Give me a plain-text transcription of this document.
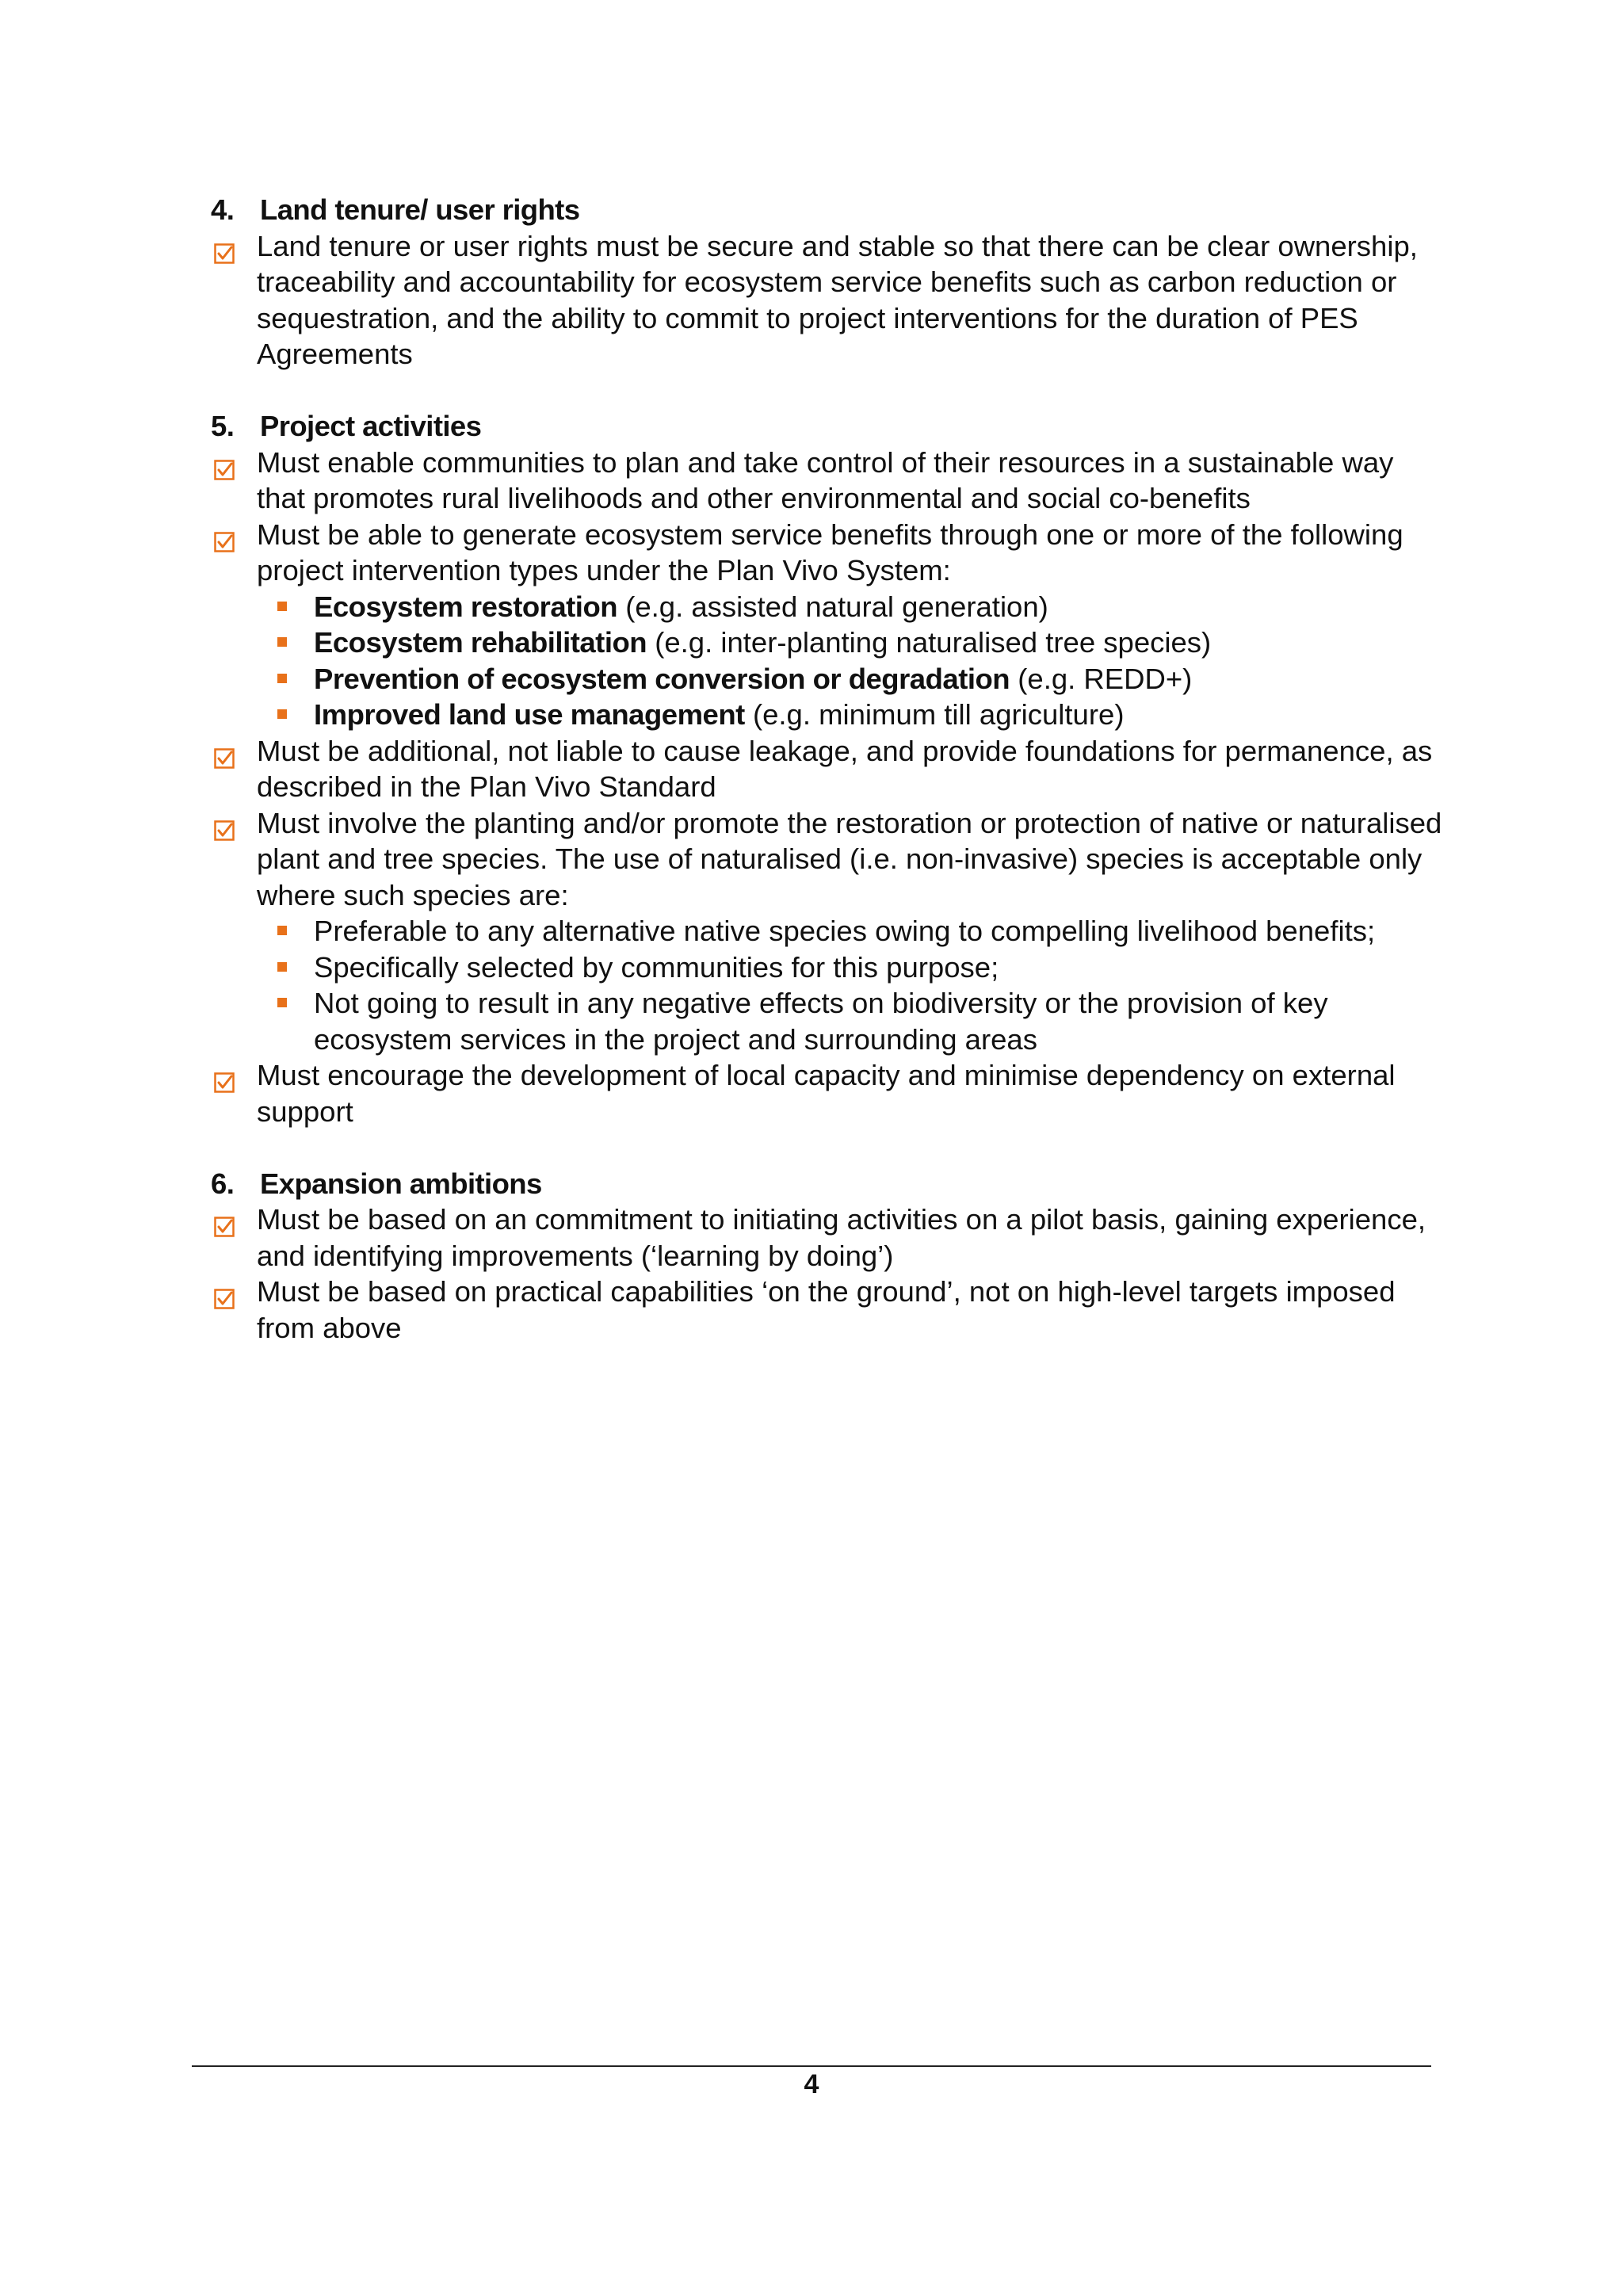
4. Land tenure/ user rights
Land tenure or user rights must be secure and stable so that there can be clear ownership, traceability and accountability for ecosystem service benefits such as carbon reduction or sequestration, and the ability to commit to project interventions for the duration of PES Agreements
5. Project activities
Must enable communities to plan and take control of their resources in a sustainable way that promotes rural livelihoods and other environmental and social co-benefits
Must be able to generate ecosystem service benefits through one or more of the following project intervention types under the Plan Vivo System:
Ecosystem restoration (e.g. assisted natural generation)
Ecosystem rehabilitation (e.g. inter-planting naturalised tree species)
Prevention of ecosystem conversion or degradation (e.g. REDD+)
Improved land use management (e.g. minimum till agriculture)
Must be additional, not liable to cause leakage, and provide foundations for permanence, as described in the Plan Vivo Standard
Must involve the planting and/or promote the restoration or protection of native or naturalised plant and tree species. The use of naturalised (i.e. non-invasive) species is acceptable only where such species are:
Preferable to any alternative native species owing to compelling livelihood benefits;
Specifically selected by communities for this purpose;
Not going to result in any negative effects on biodiversity or the provision of key ecosystem services in the project and surrounding areas
Must encourage the development of local capacity and minimise dependency on external support
6. Expansion ambitions
Must be based on an commitment to initiating activities on a pilot basis, gaining experience, and identifying improvements (‘learning by doing’)
Must be based on practical capabilities ‘on the ground’, not on high-level targets imposed from above
4
